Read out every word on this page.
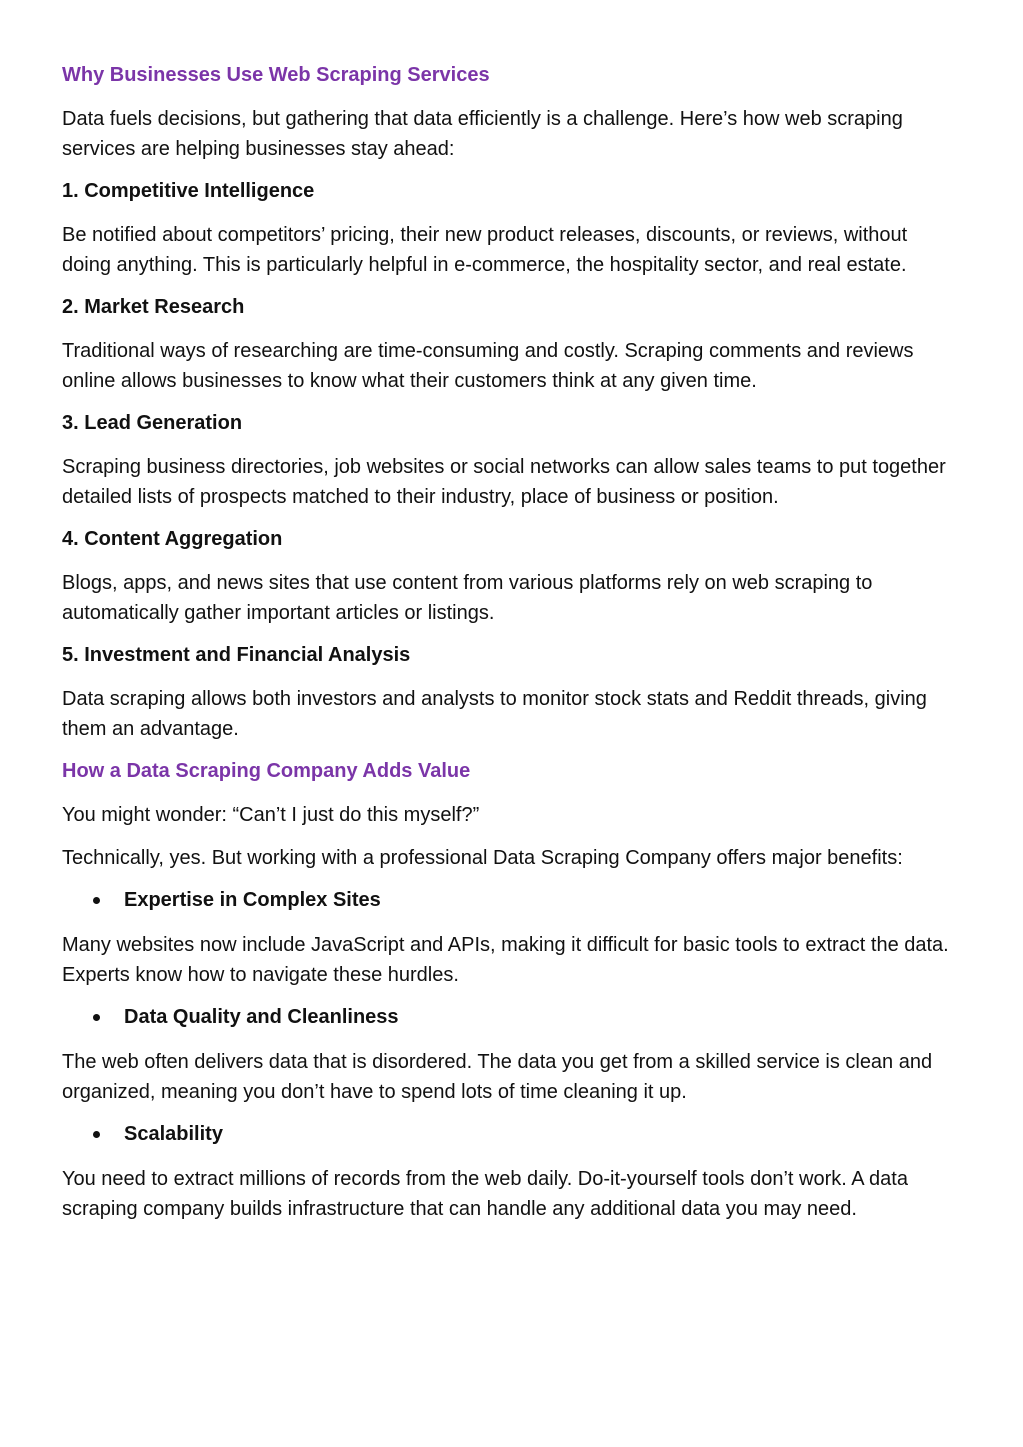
Why Businesses Use Web Scraping Services
Data fuels decisions, but gathering that data efficiently is a challenge. Here’s how web scraping services are helping businesses stay ahead:
1. Competitive Intelligence
Be notified about competitors’ pricing, their new product releases, discounts, or reviews, without doing anything. This is particularly helpful in e-commerce, the hospitality sector, and real estate.
2. Market Research
Traditional ways of researching are time-consuming and costly. Scraping comments and reviews online allows businesses to know what their customers think at any given time.
3. Lead Generation
Scraping business directories, job websites or social networks can allow sales teams to put together detailed lists of prospects matched to their industry, place of business or position.
4. Content Aggregation
Blogs, apps, and news sites that use content from various platforms rely on web scraping to automatically gather important articles or listings.
5. Investment and Financial Analysis
Data scraping allows both investors and analysts to monitor stock stats and Reddit threads, giving them an advantage.
How a Data Scraping Company Adds Value
You might wonder: “Can’t I just do this myself?”
Technically, yes. But working with a professional Data Scraping Company offers major benefits:
Expertise in Complex Sites
Many websites now include JavaScript and APIs, making it difficult for basic tools to extract the data. Experts know how to navigate these hurdles.
Data Quality and Cleanliness
The web often delivers data that is disordered. The data you get from a skilled service is clean and organized, meaning you don’t have to spend lots of time cleaning it up.
Scalability
You need to extract millions of records from the web daily. Do-it-yourself tools don’t work. A data scraping company builds infrastructure that can handle any additional data you may need.
